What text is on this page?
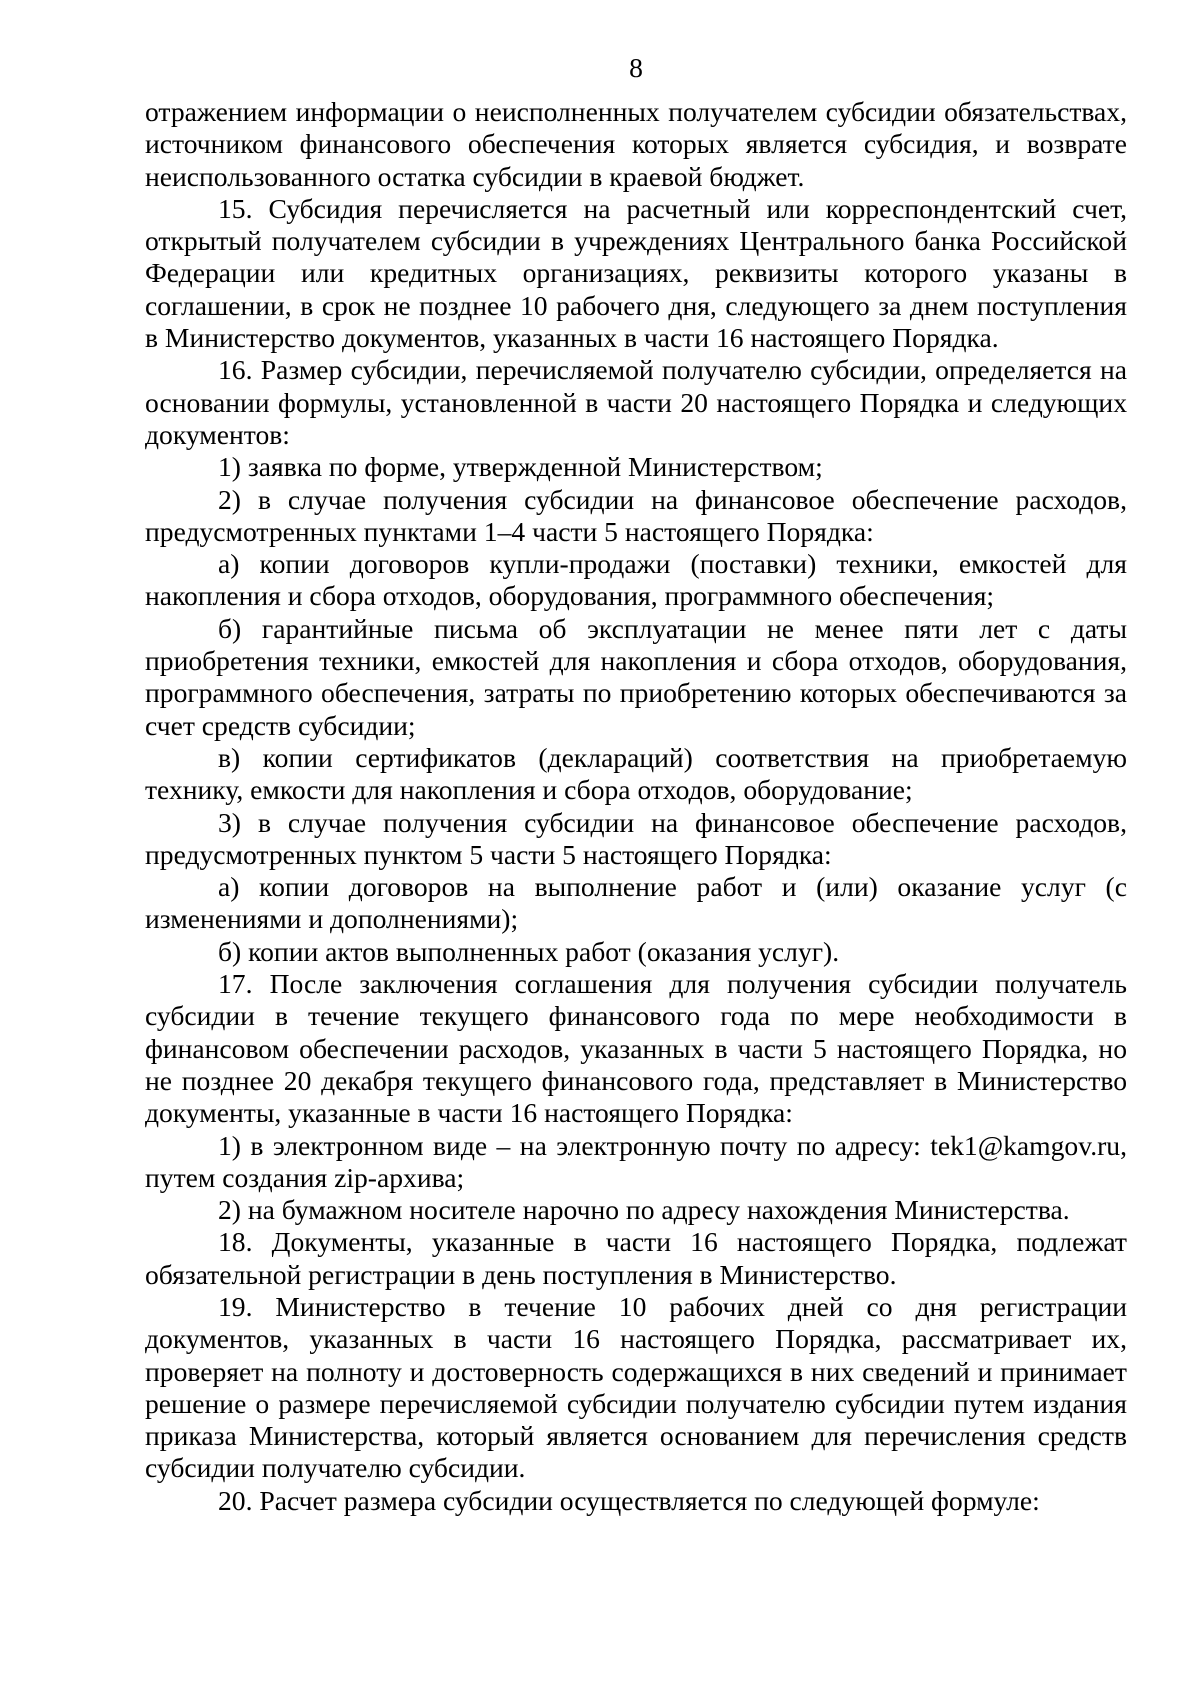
8

отражением информации о неисполненных получателем субсидии обязательствах, источником финансового обеспечения которых является субсидия, и возврате неиспользованного остатка субсидии в краевой бюджет.

15. Субсидия перечисляется на расчетный или корреспондентский счет, открытый получателем субсидии в учреждениях Центрального банка Российской Федерации или кредитных организациях, реквизиты которого указаны в соглашении, в срок не позднее 10 рабочего дня, следующего за днем поступления в Министерство документов, указанных в части 16 настоящего Порядка.

16. Размер субсидии, перечисляемой получателю субсидии, определяется на основании формулы, установленной в части 20 настоящего Порядка и следующих документов:

1) заявка по форме, утвержденной Министерством;

2) в случае получения субсидии на финансовое обеспечение расходов, предусмотренных пунктами 1–4 части 5 настоящего Порядка:

а) копии договоров купли-продажи (поставки) техники, емкостей для накопления и сбора отходов, оборудования, программного обеспечения;

б) гарантийные письма об эксплуатации не менее пяти лет с даты приобретения техники, емкостей для накопления и сбора отходов, оборудования, программного обеспечения, затраты по приобретению которых обеспечиваются за счет средств субсидии;

в) копии сертификатов (деклараций) соответствия на приобретаемую технику, емкости для накопления и сбора отходов, оборудование;

3) в случае получения субсидии на финансовое обеспечение расходов, предусмотренных пунктом 5 части 5 настоящего Порядка:

а) копии договоров на выполнение работ и (или) оказание услуг (с изменениями и дополнениями);

б) копии актов выполненных работ (оказания услуг).

17. После заключения соглашения для получения субсидии получатель субсидии в течение текущего финансового года по мере необходимости в финансовом обеспечении расходов, указанных в части 5 настоящего Порядка, но не позднее 20 декабря текущего финансового года, представляет в Министерство документы, указанные в части 16 настоящего Порядка:

1) в электронном виде – на электронную почту по адресу: tek1@kamgov.ru, путем создания zip-архива;

2) на бумажном носителе нарочно по адресу нахождения Министерства.

18. Документы, указанные в части 16 настоящего Порядка, подлежат обязательной регистрации в день поступления в Министерство.

19. Министерство в течение 10 рабочих дней со дня регистрации документов, указанных в части 16 настоящего Порядка, рассматривает их, проверяет на полноту и достоверность содержащихся в них сведений и принимает решение о размере перечисляемой субсидии получателю субсидии путем издания приказа Министерства, который является основанием для перечисления средств субсидии получателю субсидии.

20. Расчет размера субсидии осуществляется по следующей формуле:
